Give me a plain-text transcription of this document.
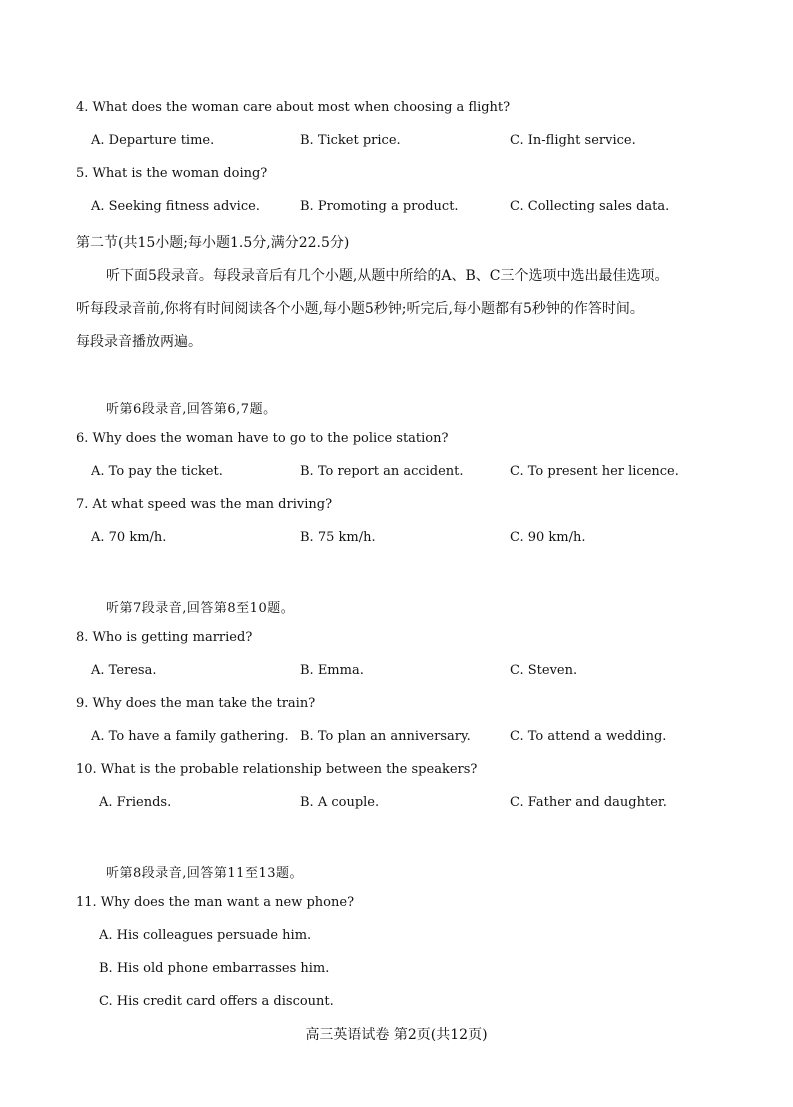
4. What does the woman care about most when choosing a flight?
A. Departure time.	B. Ticket price.	C. In-flight service.
5. What is the woman doing?
A. Seeking fitness advice.	B. Promoting a product.	C. Collecting sales data.
第二节(共15小题;每小题1.5分,满分22.5分)
听下面5段录音。每段录音后有几个小题,从题中所给的A、B、C三个选项中选出最佳选项。
听每段录音前,你将有时间阅读各个小题,每小题5秒钟;听完后,每小题都有5秒钟的作答时间。
每段录音播放两遍。
听第6段录音,回答第6,7题。
6. Why does the woman have to go to the police station?
A. To pay the ticket.	B. To report an accident.	C. To present her licence.
7. At what speed was the man driving?
A. 70 km/h.	B. 75 km/h.	C. 90 km/h.
听第7段录音,回答第8至10题。
8. Who is getting married?
A. Teresa.	B. Emma.	C. Steven.
9. Why does the man take the train?
A. To have a family gathering. B. To plan an anniversary.	C. To attend a wedding.
10. What is the probable relationship between the speakers?
A. Friends.	B. A couple.	C. Father and daughter.
听第8段录音,回答第11至13题。
11. Why does the man want a new phone?
A. His colleagues persuade him.
B. His old phone embarrasses him.
C. His credit card offers a discount.
高三英语试卷 第2页(共12页)
